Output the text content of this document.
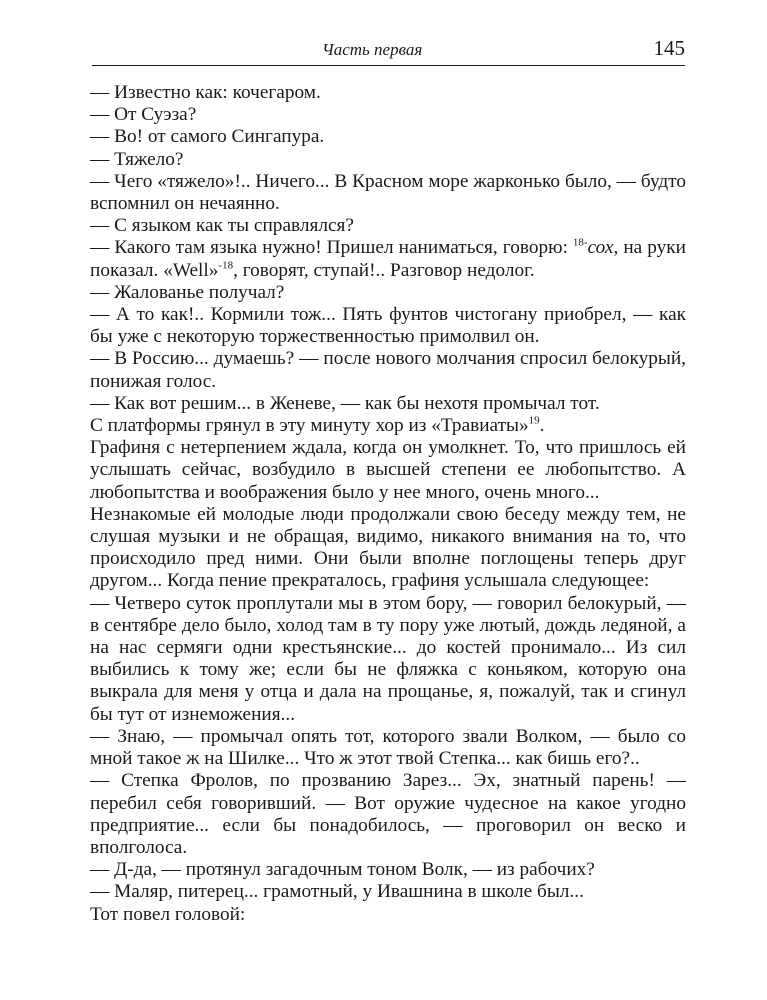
Часть первая	145

— Известно как: кочегаром.

— От Суэза?

— Во! от самого Сингапура.

— Тяжело?

— Чего «тяжело»!.. Ничего... В Красном море жарконько было, — будто вспомнил он нечаянно.

— С языком как ты справлялся?

— Какого там языка нужно! Пришел наниматься, говорю: $^{18-}$сох, на руки показал. «Well»$^{-18}$, говорят, ступай!.. Разговор недолог.

— Жалованье получал?

— А то как!.. Кормили тож... Пять фунтов чистогану приобрел, — как бы уже с некоторую торжественностью примолвил он.

— В Россию... думаешь? — после нового молчания спросил белокурый, понижая голос.

— Как вот решим... в Женеве, — как бы нехотя промычал тот.

С платформы грянул в эту минуту хор из «Травиаты»$^{19}$.

Графиня с нетерпением ждала, когда он умолкнет. То, что пришлось ей услышать сейчас, возбудило в высшей степени ее любопытство. А любопытства и воображения было у нее много, очень много...

Незнакомые ей молодые люди продолжали свою беседу между тем, не слушая музыки и не обращая, видимо, никакого внимания на то, что происходило пред ними. Они были вполне поглощены теперь друг другом... Когда пение прекраталось, графиня услышала следующее:

— Четверо суток проплутали мы в этом бору, — говорил белокурый, — в сентябре дело было, холод там в ту пору уже лютый, дождь ледяной, а на нас сермяги одни крестьянские... до костей пронимало... Из сил выбились к тому же; если бы не фляжка с коньяком, которую она выкрала для меня у отца и дала на прощанье, я, пожалуй, так и сгинул бы тут от изнеможения...

— Знаю, — промычал опять тот, которого звали Волком, — было со мной такое ж на Шилке... Что ж этот твой Степка... как бишь его?..

— Степка Фролов, по прозванию Зарез... Эх, знатный парень! — перебил себя говоривший. — Вот оружие чудесное на какое угодно предприятие... если бы понадобилось, — проговорил он веско и вполголоса.

— Д-да, — протянул загадочным тоном Волк, — из рабочих?

— Маляр, питерец... грамотный, у Ивашнина в школе был...

Тот повел головой:
